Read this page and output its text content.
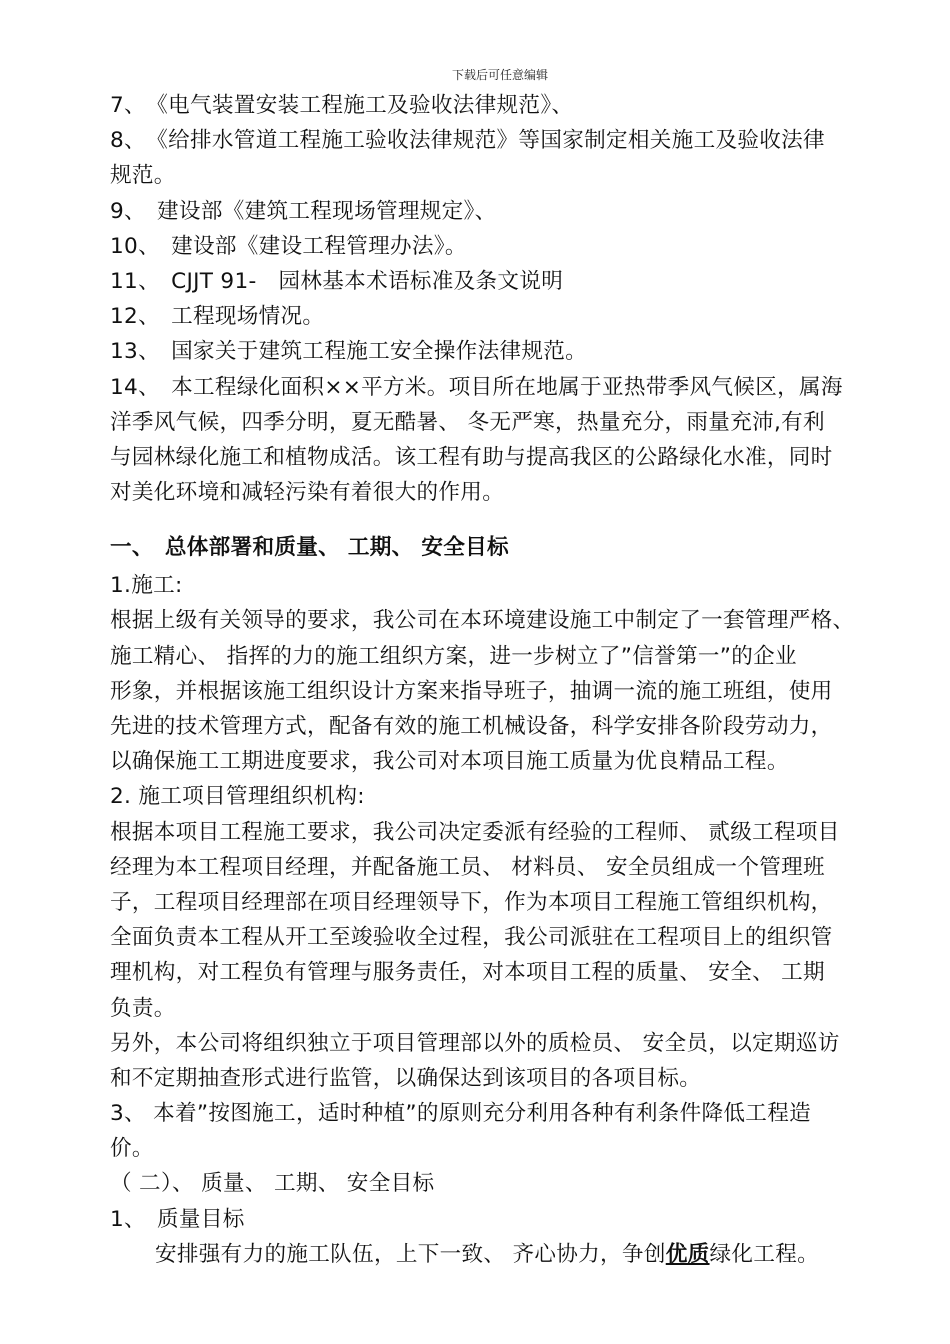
下载后可任意编辑
7、　《电气装置安装工程施工及验收法律规范》、
8、　《给排水管道工程施工验收法律规范》等国家制定相关施工及验收法律
规范。
9、　建设部《建筑工程现场管理规定》、
10、　建设部《建设工程管理办法》。
11、　CJJT 91-　园林基本术语标准及条文说明
12、　工程现场情况。
13、　国家关于建筑工程施工安全操作法律规范。
14、　本工程绿化面积××平方米。项目所在地属于亚热带季风气候区，属海
洋季风气候，四季分明，夏无酷暑、 冬无严寒，热量充分，雨量充沛,有利
与园林绿化施工和植物成活。该工程有助与提高我区的公路绿化水准，同时
对美化环境和减轻污染有着很大的作用。
一、　总体部署和质量、 工期、 安全目标
1.施工:
根据上级有关领导的要求，我公司在本环境建设施工中制定了一套管理严格、
施工精心、 指挥的力的施工组织方案，进一步树立了”信誉第一”的企业
形象，并根据该施工组织设计方案来指导班子，抽调一流的施工班组，使用
先进的技术管理方式，配备有效的施工机械设备，科学安排各阶段劳动力，
以确保施工工期进度要求，我公司对本项目施工质量为优良精品工程。
2. 施工项目管理组织机构:
根据本项目工程施工要求，我公司决定委派有经验的工程师、 贰级工程项目
经理为本工程项目经理，并配备施工员、 材料员、 安全员组成一个管理班
子，工程项目经理部在项目经理领导下，作为本项目工程施工管组织机构，
全面负责本工程从开工至竣验收全过程，我公司派驻在工程项目上的组织管
理机构，对工程负有管理与服务责任，对本项目工程的质量、 安全、 工期
负责。
另外，本公司将组织独立于项目管理部以外的质检员、 安全员，以定期巡访
和不定期抽查形式进行监管，以确保达到该项目的各项目标。
3、 本着”按图施工，适时种植”的原则充分利用各种有利条件降低工程造
价。
（ 二）、 质量、 工期、 安全目标
1、　质量目标
安排强有力的施工队伍，上下一致、 齐心协力，争创优质绿化工程。
